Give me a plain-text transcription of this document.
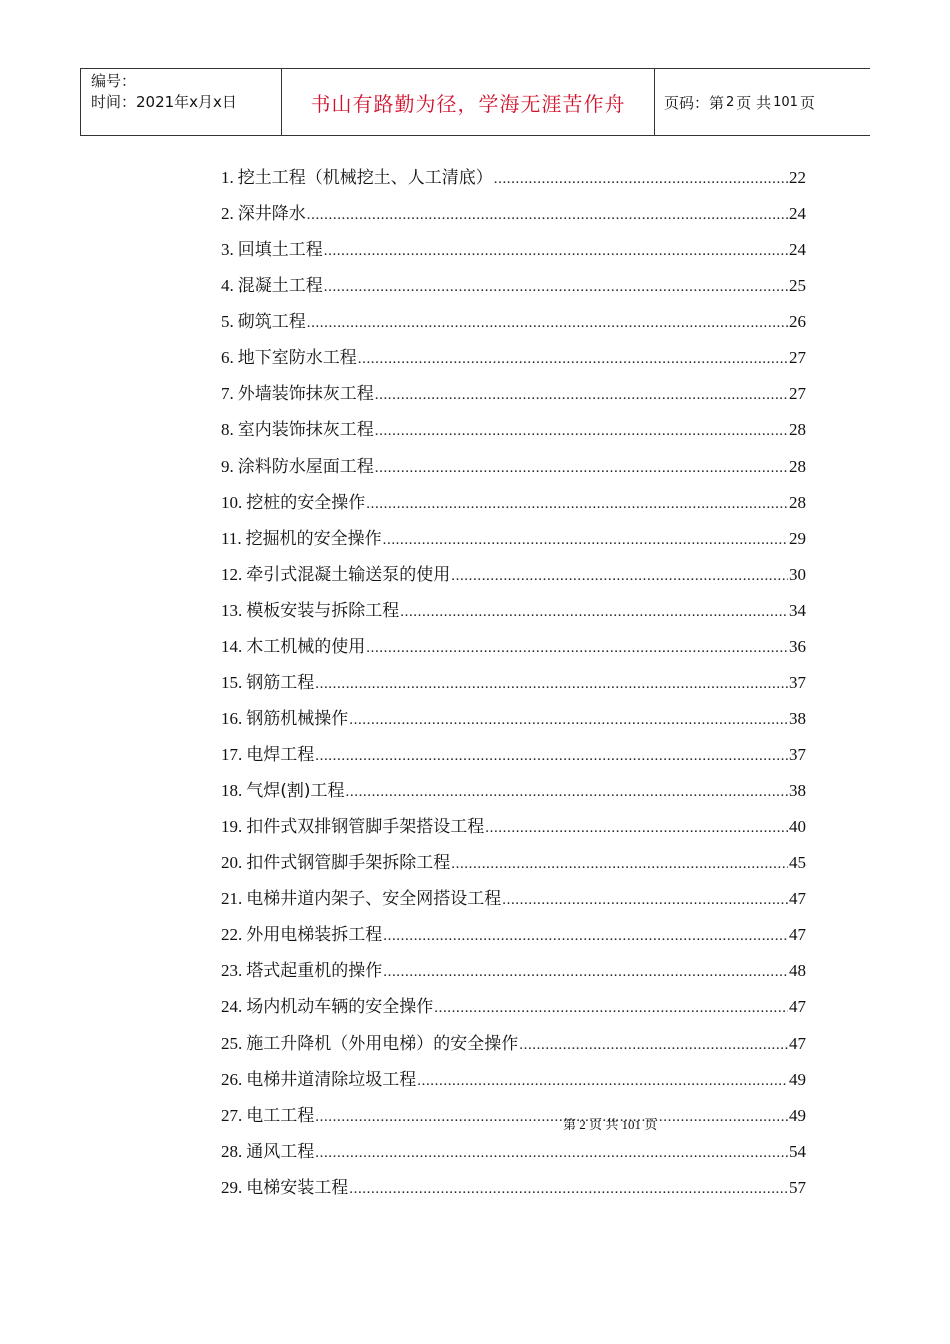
编号：
时间：2021年x月x日	书山有路勤为径，学海无涯苦作舟	页码：第 2 页 共 101 页
1. 挖土工程（机械挖土、人工清底） .....	22
2. 深井降水 .....	24
3. 回填土工程 .....	24
4. 混凝土工程 .....	25
5. 砌筑工程 .....	26
6. 地下室防水工程 .....	27
7. 外墙装饰抹灰工程 .....	27
8. 室内装饰抹灰工程 .....	28
9. 涂料防水屋面工程 .....	28
10. 挖桩的安全操作 .....	28
11. 挖掘机的安全操作 .....	29
12. 牵引式混凝土输送泵的使用 .....	30
13. 模板安装与拆除工程 .....	34
14. 木工机械的使用 .....	36
15. 钢筋工程 .....	37
16. 钢筋机械操作 .....	38
17. 电焊工程 .....	37
18. 气焊(割)工程 .....	38
19. 扣件式双排钢管脚手架搭设工程 .....	40
20. 扣件式钢管脚手架拆除工程 .....	45
21. 电梯井道内架子、安全网搭设工程 .....	47
22. 外用电梯装拆工程 .....	47
23. 塔式起重机的操作 .....	48
24. 场内机动车辆的安全操作 .....	47
25. 施工升降机（外用电梯）的安全操作 .....	47
26. 电梯井道清除垃圾工程 .....	49
27. 电工工程 .....	49
28. 通风工程 .....	54
29. 电梯安装工程 .....	57
第 2 页 共 101 页
